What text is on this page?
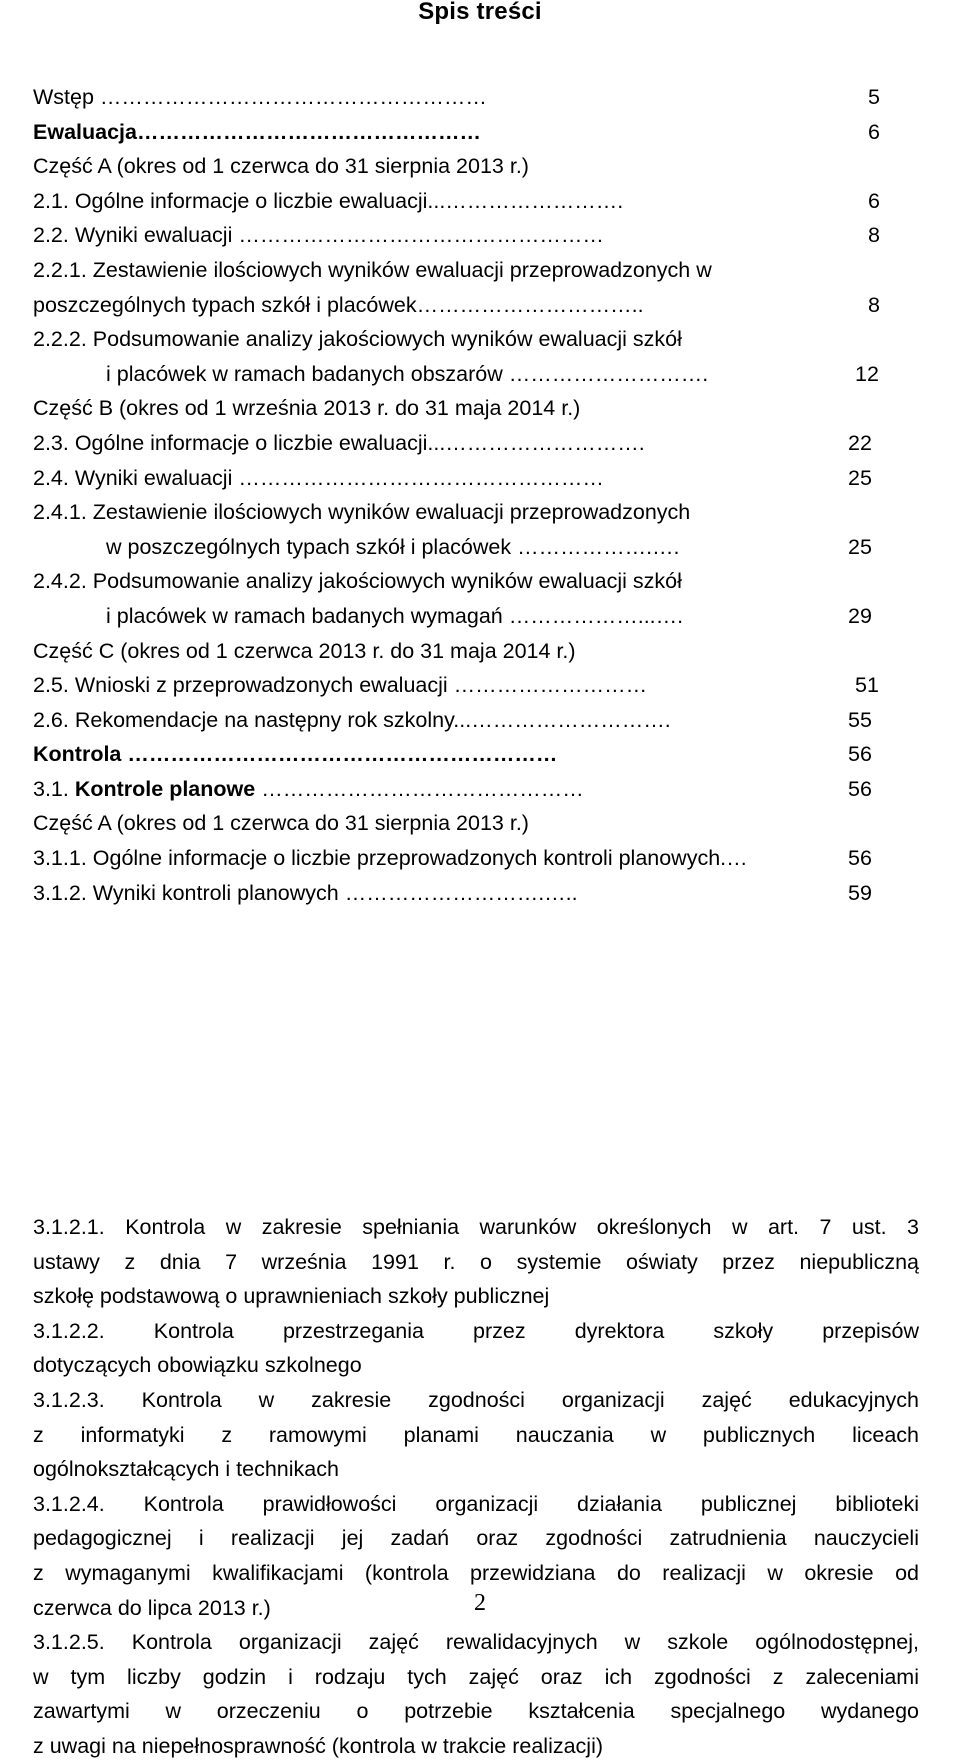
Spis treści
Wstęp ………………………………………………	5
Ewaluacja…………………………………………	6
Część A (okres od 1 czerwca do 31 sierpnia 2013 r.)
2.1. Ogólne informacje o liczbie ewaluacji...…………………….	6
2.2. Wyniki ewaluacji ……………………………………………	8
2.2.1. Zestawienie ilościowych wyników ewaluacji przeprowadzonych w
poszczególnych typach szkół i placówek…………………………..	8
2.2.2. Podsumowanie analizy jakościowych wyników ewaluacji szkół
i placówek w ramach badanych obszarów ……………………….	12
Część B (okres od 1 września 2013 r. do 31 maja 2014 r.)
2.3. Ogólne informacje o liczbie ewaluacji...……………………….	22
2.4. Wyniki ewaluacji ……………………………………………	25
2.4.1. Zestawienie ilościowych wyników ewaluacji przeprowadzonych
w poszczególnych typach szkół i placówek ……………….….	25
2.4.2. Podsumowanie analizy jakościowych wyników ewaluacji szkół
i placówek w ramach badanych wymagań ………………...….	29
Część C (okres od 1 czerwca 2013 r. do 31 maja 2014 r.)
2.5. Wnioski z przeprowadzonych ewaluacji ………………………	51
2.6. Rekomendacje na następny rok szkolny...……………………….	55
Kontrola ……………………………………………………	56
3.1. Kontrole planowe ………………………………………	56
Część A (okres od 1 czerwca do 31 sierpnia 2013 r.)
3.1.1. Ogólne informacje o liczbie przeprowadzonych kontroli planowych.…	56
3.1.2. Wyniki kontroli planowych ……………………….…..	59
3.1.2.1. Kontrola w zakresie spełniania warunków określonych w art. 7 ust. 3
ustawy z dnia 7 września 1991 r. o systemie oświaty przez niepubliczną
szkołę podstawową o uprawnieniach szkoły publicznej
3.1.2.2. Kontrola przestrzegania przez dyrektora szkoły przepisów
dotyczących obowiązku szkolnego
3.1.2.3. Kontrola w zakresie zgodności organizacji zajęć edukacyjnych
z informatyki z ramowymi planami nauczania w publicznych liceach
ogólnokształcących i technikach
3.1.2.4. Kontrola prawidłowości organizacji działania publicznej biblioteki
pedagogicznej i realizacji jej zadań oraz zgodności zatrudnienia nauczycieli
z wymaganymi kwalifikacjami (kontrola przewidziana do realizacji w okresie od
czerwca do lipca 2013 r.)
3.1.2.5. Kontrola organizacji zajęć rewalidacyjnych w szkole ogólnodostępnej,
w tym liczby godzin i rodzaju tych zajęć oraz ich zgodności z zaleceniami
zawartymi w orzeczeniu o potrzebie kształcenia specjalnego wydanego
z uwagi na niepełnosprawność (kontrola w trakcie realizacji)
2
